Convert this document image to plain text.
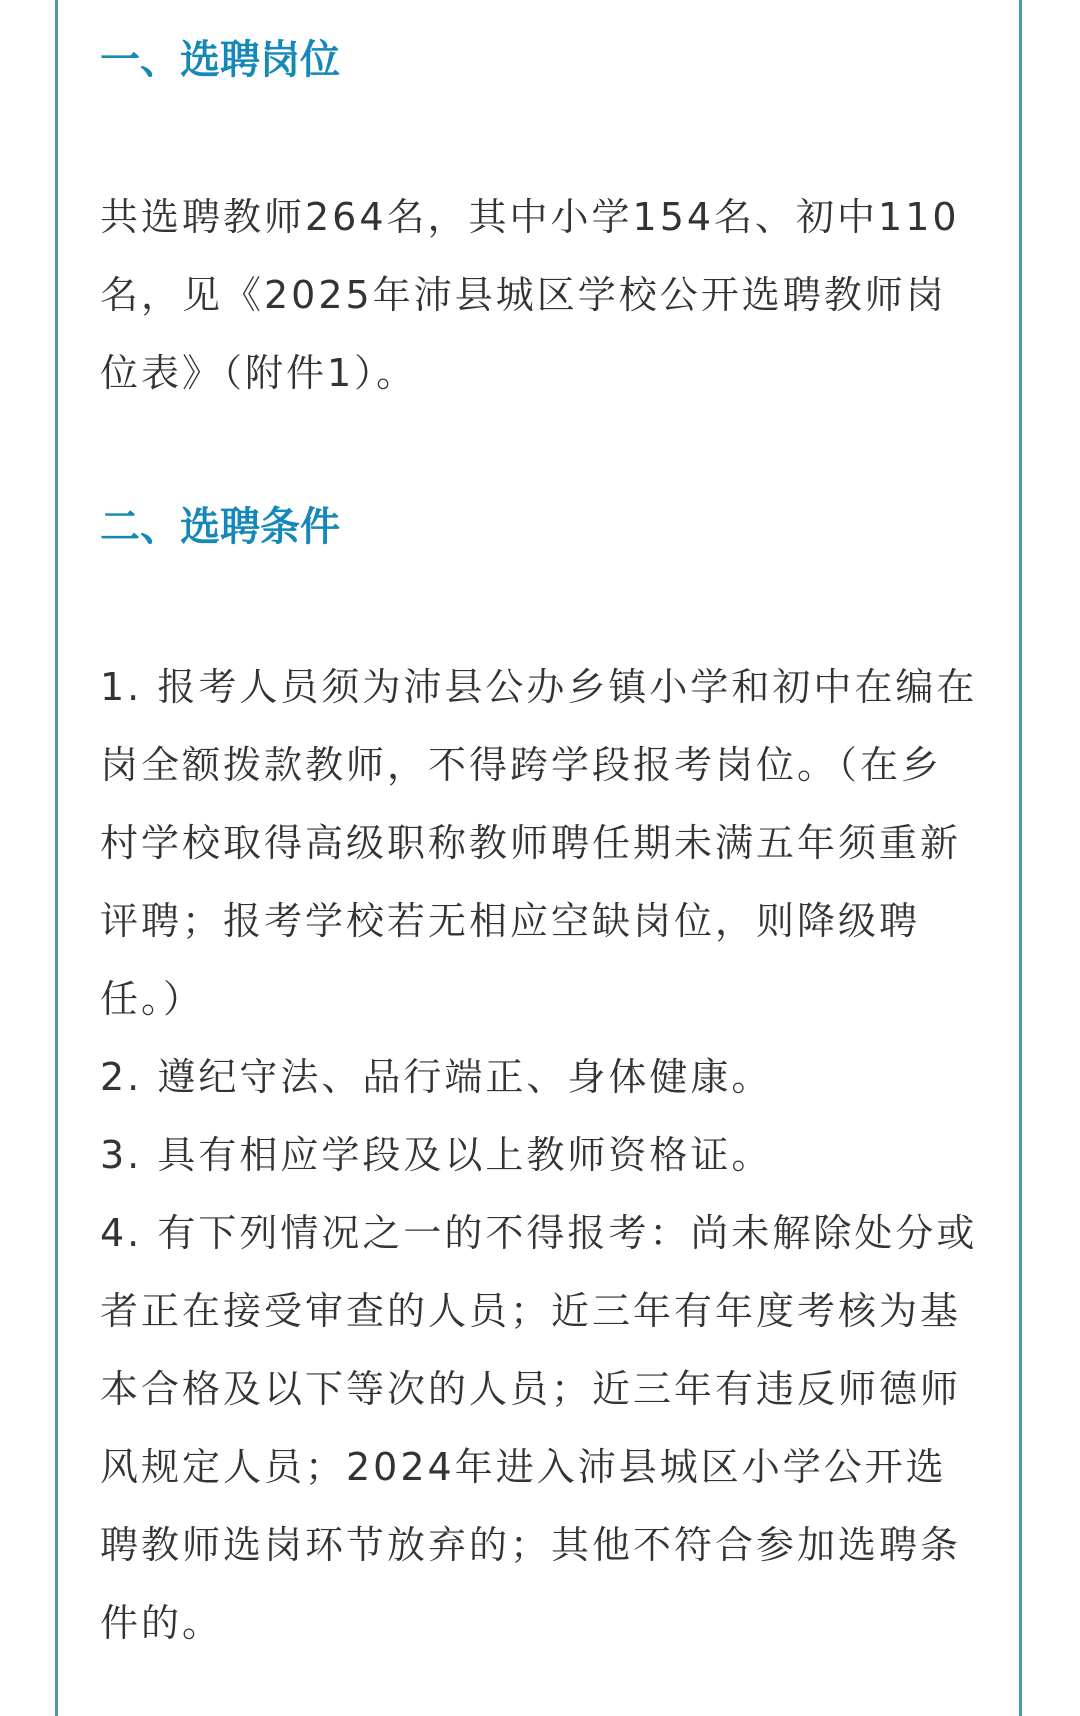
一、选聘岗位

共选聘教师264名，其中小学154名、初中110名，见《2025年沛县城区学校公开选聘教师岗位表》（附件1）。

二、选聘条件
1. 报考人员须为沛县公办乡镇小学和初中在编在岗全额拨款教师，不得跨学段报考岗位。（在乡村学校取得高级职称教师聘任期未满五年须重新评聘；报考学校若无相应空缺岗位，则降级聘任。）
2. 遵纪守法、品行端正、身体健康。
3. 具有相应学段及以上教师资格证。
4. 有下列情况之一的不得报考：尚未解除处分或者正在接受审查的人员；近三年有年度考核为基本合格及以下等次的人员；近三年有违反师德师风规定人员；2024年进入沛县城区小学公开选聘教师选岗环节放弃的；其他不符合参加选聘条件的。
